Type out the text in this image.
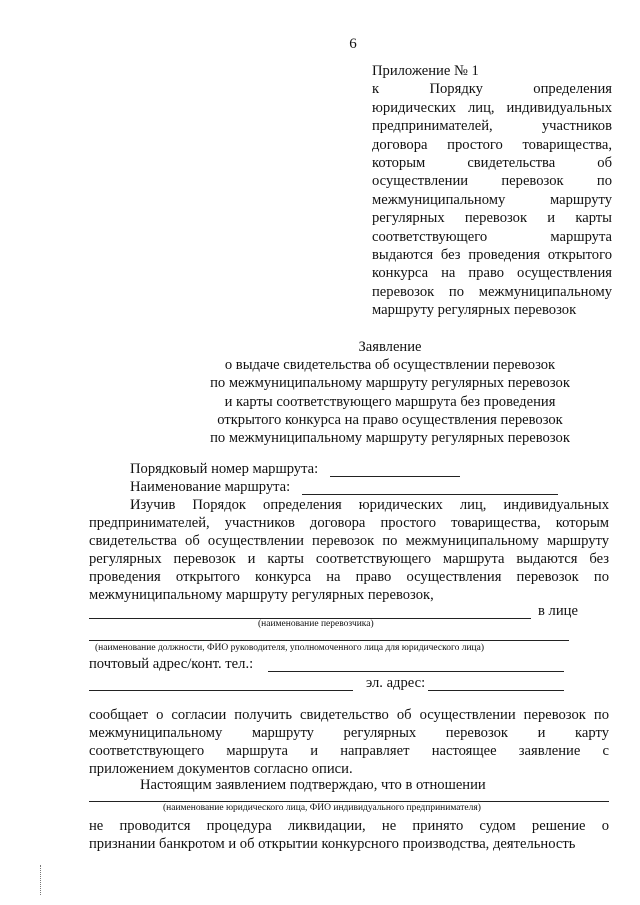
6
Приложение № 1
к Порядку определения
юридических лиц, индивидуальных
предпринимателей, участников
договора простого товарищества,
которым свидетельства об
осуществлении перевозок по
межмуниципальному маршруту
регулярных перевозок и карты
соответствующего маршрута
выдаются без проведения открытого
конкурса на право осуществления
перевозок по межмуниципальному
маршруту регулярных перевозок
Заявление
о выдаче свидетельства об осуществлении перевозок
по межмуниципальному маршруту регулярных перевозок
и карты соответствующего маршрута без проведения
открытого конкурса на право осуществления перевозок
по межмуниципальному маршруту регулярных перевозок
Порядковый номер маршрута:
Наименование маршрута:
Изучив Порядок определения юридических лиц, индивидуальных
предпринимателей, участников договора простого товарищества, которым
свидетельства об осуществлении перевозок по межмуниципальному маршруту
регулярных перевозок и карты соответствующего маршрута выдаются без
проведения открытого конкурса на право осуществления перевозок по
межмуниципальному маршруту регулярных перевозок,
в лице
(наименование перевозчика)
(наименование должности, ФИО руководителя, уполномоченного лица для юридического лица)
почтовый адрес/конт. тел.:
эл. адрес:
сообщает о согласии получить свидетельство об осуществлении перевозок по
межмуниципальному маршруту регулярных перевозок и карту
соответствующего маршрута и направляет настоящее заявление с
приложением документов согласно описи.
Настоящим заявлением подтверждаю, что в отношении
(наименование юридического лица, ФИО индивидуального предпринимателя)
не проводится процедура ликвидации, не принято судом решение о
признании банкротом и об открытии конкурсного производства, деятельность
